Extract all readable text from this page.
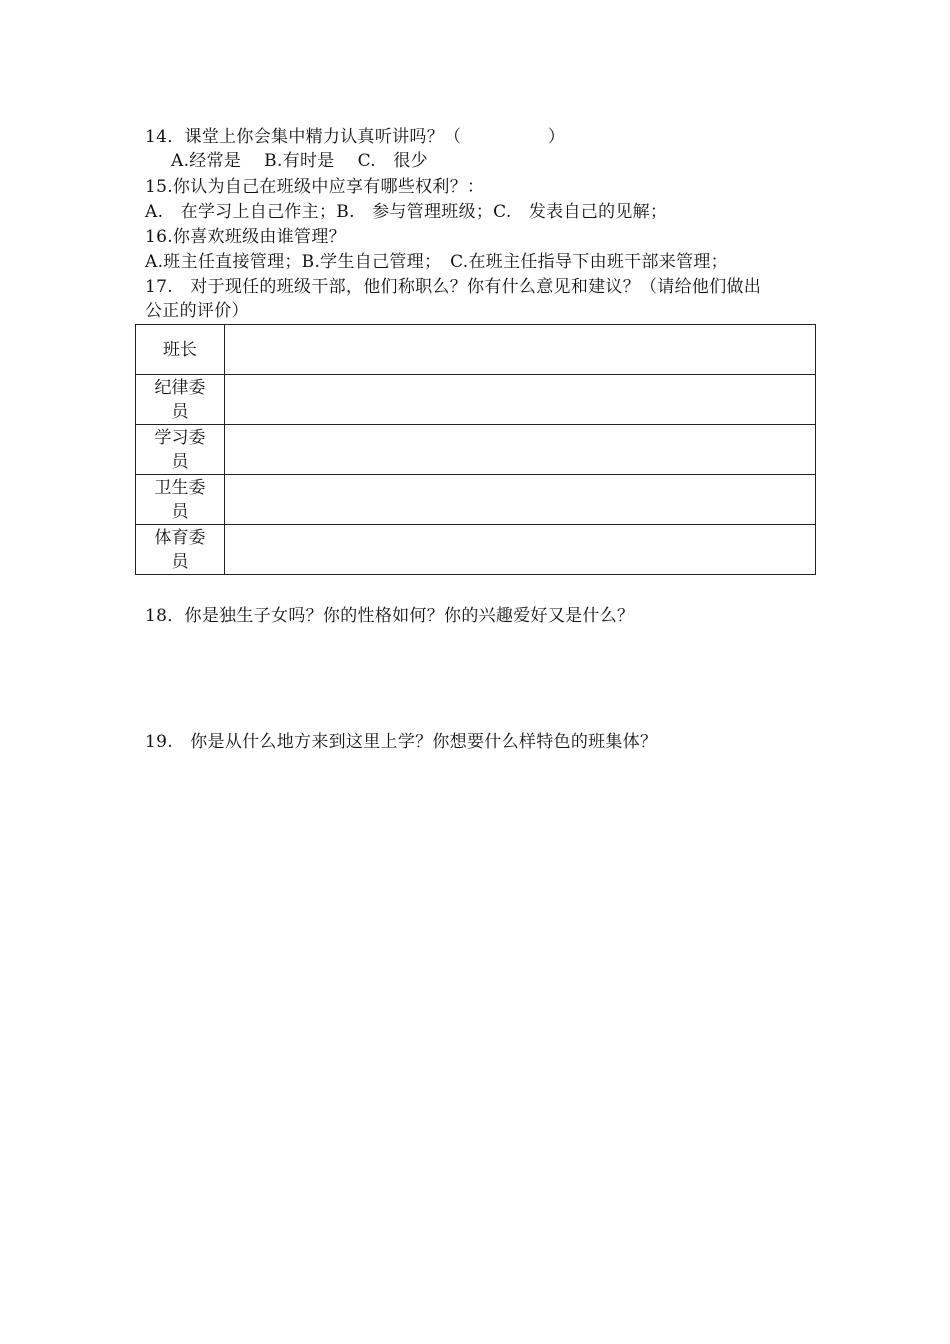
14．课堂上你会集中精力认真听讲吗？（　　　　　）
A.经常是　 B.有时是　 C.　很少
15.你认为自己在班级中应享有哪些权利？：
A.　在学习上自己作主；B.　参与管理班级；C.　发表自己的见解；
16.你喜欢班级由谁管理？
A.班主任直接管理；B.学生自己管理；　C.在班主任指导下由班干部来管理；
17.　对于现任的班级干部，他们称职么？你有什么意见和建议？（请给他们做出
公正的评价）
班长	
纪律委员	
学习委员	
卫生委员	
体育委员	
18．你是独生子女吗？你的性格如何？你的兴趣爱好又是什么？
19.　你是从什么地方来到这里上学？你想要什么样特色的班集体？
